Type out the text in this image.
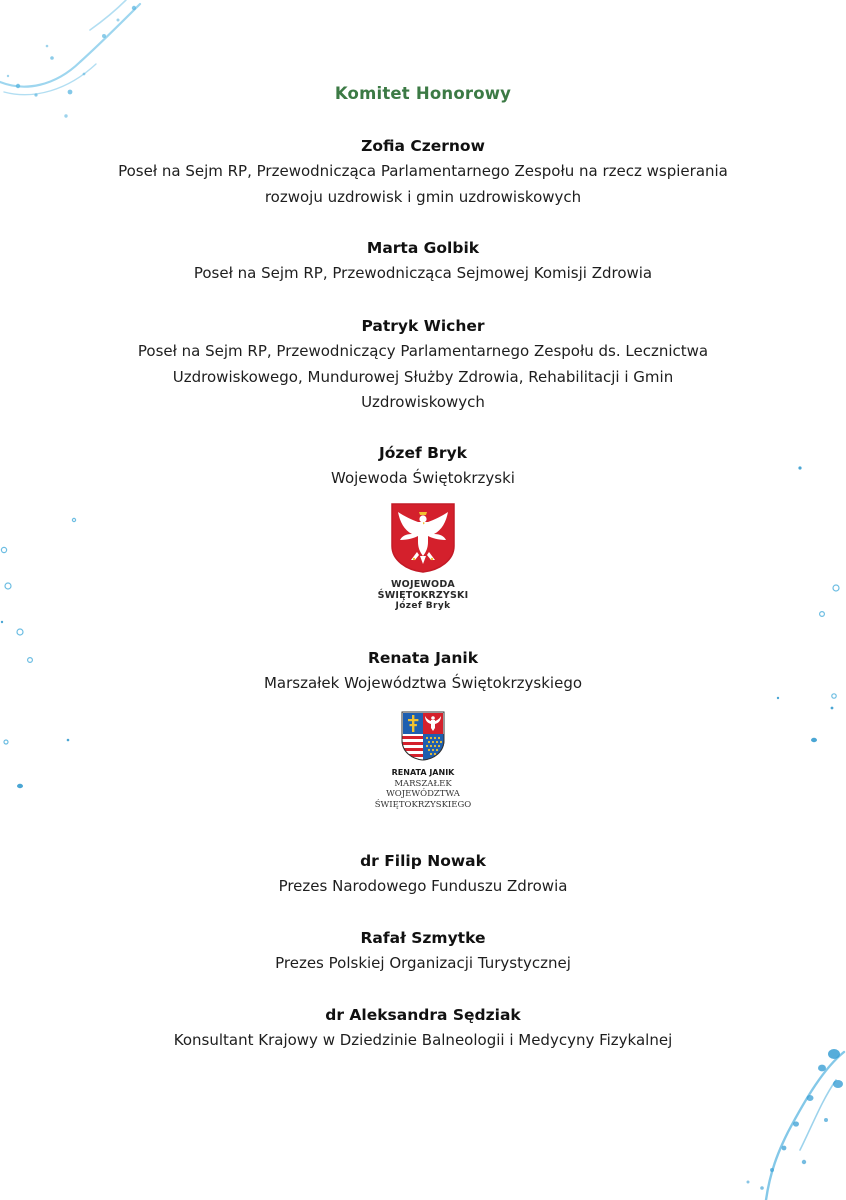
Komitet Honorowy
Zofia Czernow
Poseł na Sejm RP, Przewodnicząca Parlamentarnego Zespołu na rzecz wspierania
rozwoju uzdrowisk i gmin uzdrowiskowych
Marta Golbik
Poseł na Sejm RP, Przewodnicząca Sejmowej Komisji Zdrowia
Patryk Wicher
Poseł na Sejm RP, Przewodniczący Parlamentarnego Zespołu ds. Lecznictwa
Uzdrowiskowego, Mundurowej Służby Zdrowia, Rehabilitacji i Gmin
Uzdrowiskowych
Józef Bryk
Wojewoda Świętokrzyski
WOJEWODA
ŚWIĘTOKRZYSKI
Józef Bryk
Renata Janik
Marszałek Województwa Świętokrzyskiego
RENATA JANIK
MARSZAŁEK
WOJEWÓDZTWA
ŚWIĘTOKRZYSKIEGO
dr Filip Nowak
Prezes Narodowego Funduszu Zdrowia
Rafał Szmytke
Prezes Polskiej Organizacji Turystycznej
dr Aleksandra Sędziak
Konsultant Krajowy w Dziedzinie Balneologii i Medycyny Fizykalnej
